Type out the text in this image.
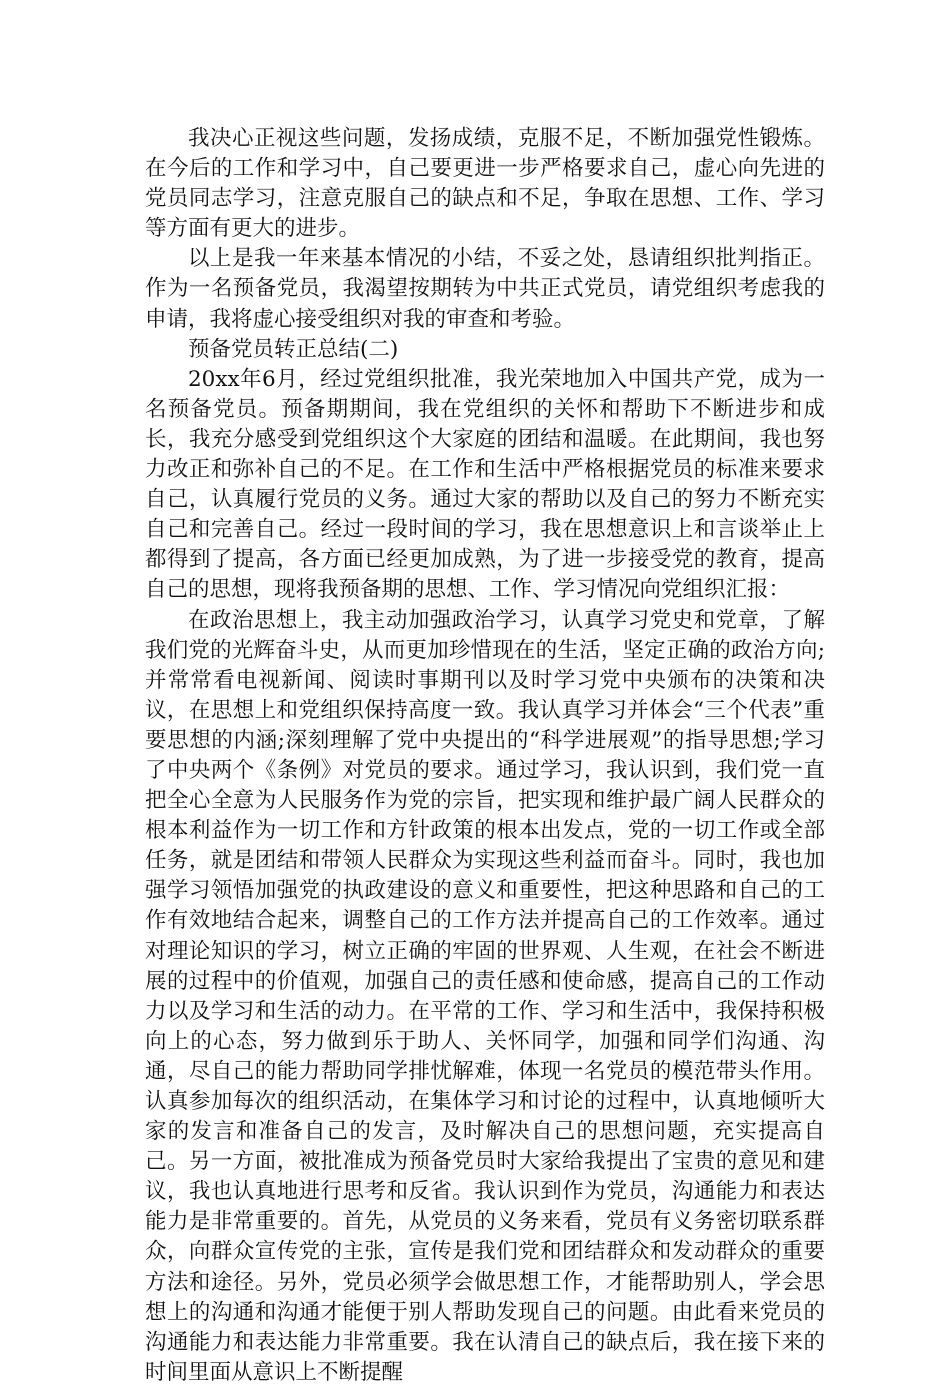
我决心正视这些问题，发扬成绩，克服不足，不断加强党性锻炼。在今后的工作和学习中，自己要更进一步严格要求自己，虚心向先进的党员同志学习，注意克服自己的缺点和不足，争取在思想、工作、学习等方面有更大的进步。

以上是我一年来基本情况的小结，不妥之处，恳请组织批判指正。作为一名预备党员，我渴望按期转为中共正式党员，请党组织考虑我的申请，我将虚心接受组织对我的审查和考验。

预备党员转正总结(二)

20xx年6月，经过党组织批准，我光荣地加入中国共产党，成为一名预备党员。预备期期间，我在党组织的关怀和帮助下不断进步和成长，我充分感受到党组织这个大家庭的团结和温暖。在此期间，我也努力改正和弥补自己的不足。在工作和生活中严格根据党员的标准来要求自己，认真履行党员的义务。通过大家的帮助以及自己的努力不断充实自己和完善自己。经过一段时间的学习，我在思想意识上和言谈举止上都得到了提高，各方面已经更加成熟，为了进一步接受党的教育，提高自己的思想，现将我预备期的思想、工作、学习情况向党组织汇报：

在政治思想上，我主动加强政治学习，认真学习党史和党章，了解我们党的光辉奋斗史，从而更加珍惜现在的生活，坚定正确的政治方向;并常常看电视新闻、阅读时事期刊以及时学习党中央颁布的决策和决议，在思想上和党组织保持高度一致。我认真学习并体会“三个代表”重要思想的内涵;深刻理解了党中央提出的“科学进展观”的指导思想;学习了中央两个《条例》对党员的要求。通过学习，我认识到，我们党一直把全心全意为人民服务作为党的宗旨，把实现和维护最广阔人民群众的根本利益作为一切工作和方针政策的根本出发点，党的一切工作或全部任务，就是团结和带领人民群众为实现这些利益而奋斗。同时，我也加强学习领悟加强党的执政建设的意义和重要性，把这种思路和自己的工作有效地结合起来，调整自己的工作方法并提高自己的工作效率。通过对理论知识的学习，树立正确的牢固的世界观、人生观，在社会不断进展的过程中的价值观，加强自己的责任感和使命感，提高自己的工作动力以及学习和生活的动力。在平常的工作、学习和生活中，我保持积极向上的心态，努力做到乐于助人、关怀同学，加强和同学们沟通、沟通，尽自己的能力帮助同学排忧解难，体现一名党员的模范带头作用。认真参加每次的组织活动，在集体学习和讨论的过程中，认真地倾听大家的发言和准备自己的发言，及时解决自己的思想问题，充实提高自己。另一方面，被批准成为预备党员时大家给我提出了宝贵的意见和建议，我也认真地进行思考和反省。我认识到作为党员，沟通能力和表达能力是非常重要的。首先，从党员的义务来看，党员有义务密切联系群众，向群众宣传党的主张，宣传是我们党和团结群众和发动群众的重要方法和途径。另外，党员必须学会做思想工作，才能帮助别人，学会思想上的沟通和沟通才能便于别人帮助发现自己的问题。由此看来党员的沟通能力和表达能力非常重要。我在认清自己的缺点后，我在接下来的时间里面从意识上不断提醒
